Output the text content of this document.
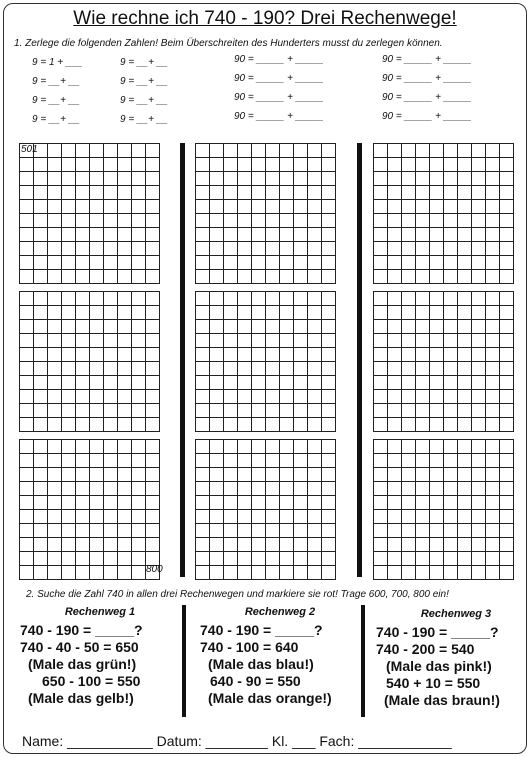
Wie rechne ich 740 - 190? Drei Rechenwege!
1. Zerlege die folgenden Zahlen! Beim Überschreiten des Hunderters musst du zerlegen können.
9 = 1 + ___
9 = __+ __
9 = __+ __
9 = __+ __
9 = __+ __
9 = __+ __
9 = __+ __
9 = __+ __
90 = _____ + _____
90 = _____ + _____
90 = _____ + _____
90 = _____ + _____
90 = _____ + _____
90 = _____ + _____
90 = _____ + _____
90 = _____ + _____
501
800
2. Suche die Zahl 740 in allen drei Rechenwegen und markiere sie rot! Trage 600, 700, 800 ein!
Rechenweg 1
740 - 190 = _____?
740 - 40 - 50 = 650
(Male das grün!)
650 - 100 = 550
(Male das gelb!)
Rechenweg 2
740 - 190 = _____?
740 - 100 = 640
(Male das blau!)
640 - 90 = 550
(Male das orange!)
Rechenweg 3
740 - 190 = _____?
740 - 200 = 540
(Male das pink!)
540 + 10 = 550
(Male das braun!)
Name: ___________ Datum: ________ Kl. ___ Fach: ____________
